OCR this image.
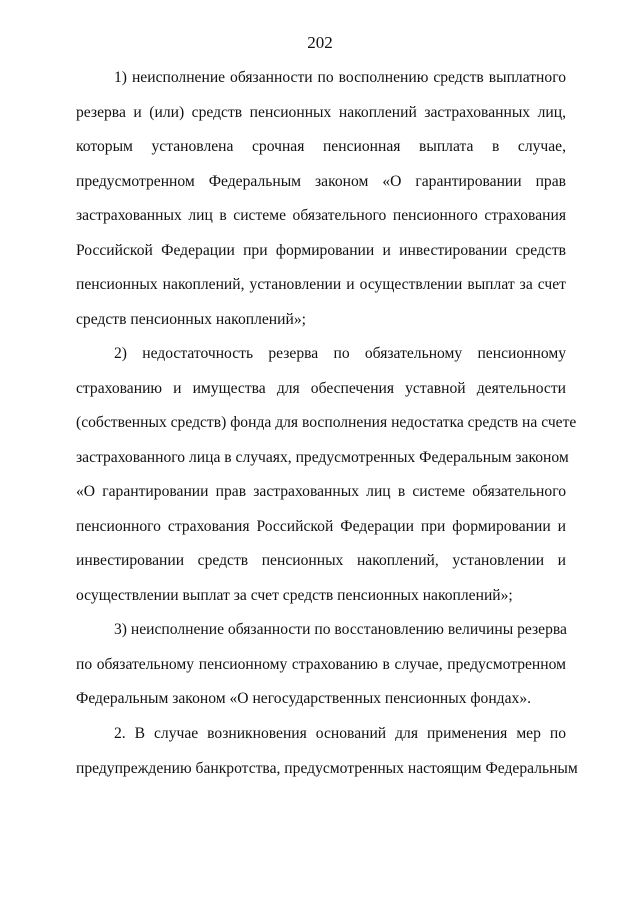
202
1) неисполнение обязанности по восполнению средств выплатного
резерва и (или) средств пенсионных накоплений застрахованных лиц,
которым установлена срочная пенсионная выплата в случае,
предусмотренном Федеральным законом «О гарантировании прав
застрахованных лиц в системе обязательного пенсионного страхования
Российской Федерации при формировании и инвестировании средств
пенсионных накоплений, установлении и осуществлении выплат за счет
средств пенсионных накоплений»;
2) недостаточность резерва по обязательному пенсионному
страхованию и имущества для обеспечения уставной деятельности
(собственных средств) фонда для восполнения недостатка средств на счете
застрахованного лица в случаях, предусмотренных Федеральным законом
«О гарантировании прав застрахованных лиц в системе обязательного
пенсионного страхования Российской Федерации при формировании и
инвестировании средств пенсионных накоплений, установлении и
осуществлении выплат за счет средств пенсионных накоплений»;
3) неисполнение обязанности по восстановлению величины резерва
по обязательному пенсионному страхованию в случае, предусмотренном
Федеральным законом «О негосударственных пенсионных фондах».
2. В случае возникновения оснований для применения мер по
предупреждению банкротства, предусмотренных настоящим Федеральным
